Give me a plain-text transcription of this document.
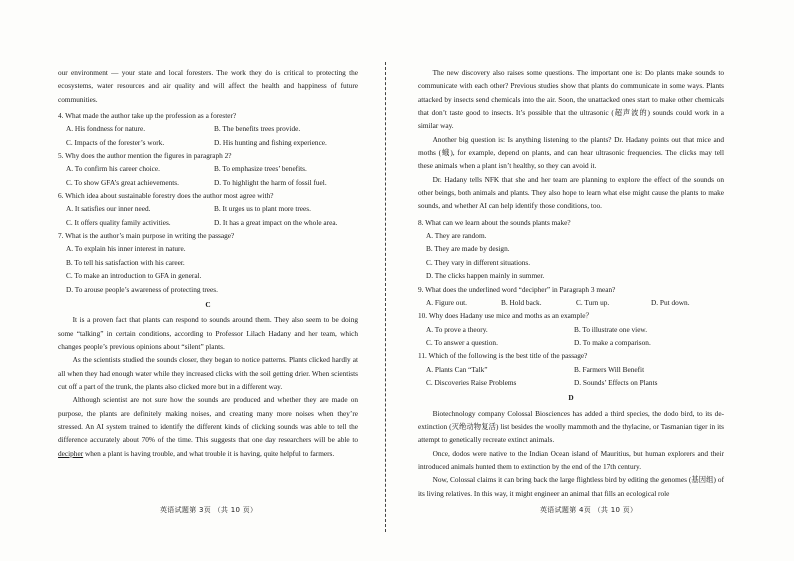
our environment — your state and local foresters. The work they do is critical to protecting the ecosystems, water resources and air quality and will affect the health and happiness of future communities.

4. What made the author take up the profession as a forester?
A. His fondness for nature.	B. The benefits trees provide.
C. Impacts of the forester’s work.	D. His hunting and fishing experience.
5. Why does the author mention the figures in paragraph 2?
A. To confirm his career choice.	B. To emphasize trees’ benefits.
C. To show GFA’s great achievements.	D. To highlight the harm of fossil fuel.
6. Which idea about sustainable forestry does the author most agree with?
A. It satisfies our inner need.	B. It urges us to plant more trees.
C. It offers quality family activities.	D. It has a great impact on the whole area.
7. What is the author’s main purpose in writing the passage?
A. To explain his inner interest in nature.
B. To tell his satisfaction with his career.
C. To make an introduction to GFA in general.
D. To arouse people’s awareness of protecting trees.
C

It is a proven fact that plants can respond to sounds around them. They also seem to be doing some “talking” in certain conditions, according to Professor Lilach Hadany and her team, which changes people’s previous opinions about “silent” plants.

As the scientists studied the sounds closer, they began to notice patterns. Plants clicked hardly at all when they had enough water while they increased clicks with the soil getting drier. When scientists cut off a part of the trunk, the plants also clicked more but in a different way.

Although scientist are not sure how the sounds are produced and whether they are made on purpose, the plants are definitely making noises, and creating many more noises when they’re stressed. An AI system trained to identify the different kinds of clicking sounds was able to tell the difference accurately about 70% of the time. This suggests that one day researchers will be able to decipher when a plant is having trouble, and what trouble it is having, quite helpful to farmers.

The new discovery also raises some questions. The important one is: Do plants make sounds to communicate with each other? Previous studies show that plants do communicate in some ways. Plants attacked by insects send chemicals into the air. Soon, the unattacked ones start to make other chemicals that don’t taste good to insects. It’s possible that the ultrasonic (超声波的) sounds could work in a similar way.

Another big question is: Is anything listening to the plants? Dr. Hadany points out that mice and moths (蛾), for example, depend on plants, and can hear ultrasonic frequencies. The clicks may tell these animals when a plant isn’t healthy, so they can avoid it.

Dr. Hadany tells NFK that she and her team are planning to explore the effect of the sounds on other beings, both animals and plants. They also hope to learn what else might cause the plants to make sounds, and whether AI can help identify those conditions, too.

8. What can we learn about the sounds plants make?
A. They are random.
B. They are made by design.
C. They vary in different situations.
D. The clicks happen mainly in summer.
9. What does the underlined word “decipher” in Paragraph 3 mean?
A. Figure out.	B. Hold back.	C. Turn up.	D. Put down.
10. Why does Hadany use mice and moths as an example？
A. To prove a theory.	B. To illustrate one view.
C. To answer a question.	D. To make a comparison.
11. Which of the following is the best title of the passage?
A. Plants Can “Talk”	B. Farmers Will Benefit
C. Discoveries Raise Problems	D. Sounds’ Effects on Plants
D

Biotechnology company Colossal Biosciences has added a third species, the dodo bird, to its de-extinction (灭绝动物复活) list besides the woolly mammoth and the thylacine, or Tasmanian tiger in its attempt to genetically recreate extinct animals.

Once, dodos were native to the Indian Ocean island of Mauritius, but human explorers and their introduced animals hunted them to extinction by the end of the 17th century.

Now, Colossal claims it can bring back the large flightless bird by editing the genomes (基因组) of its living relatives. In this way, it might engineer an animal that fills an ecological role

英语试题第 3页 （共 10 页）	英语试题第 4页 （共 10 页）
